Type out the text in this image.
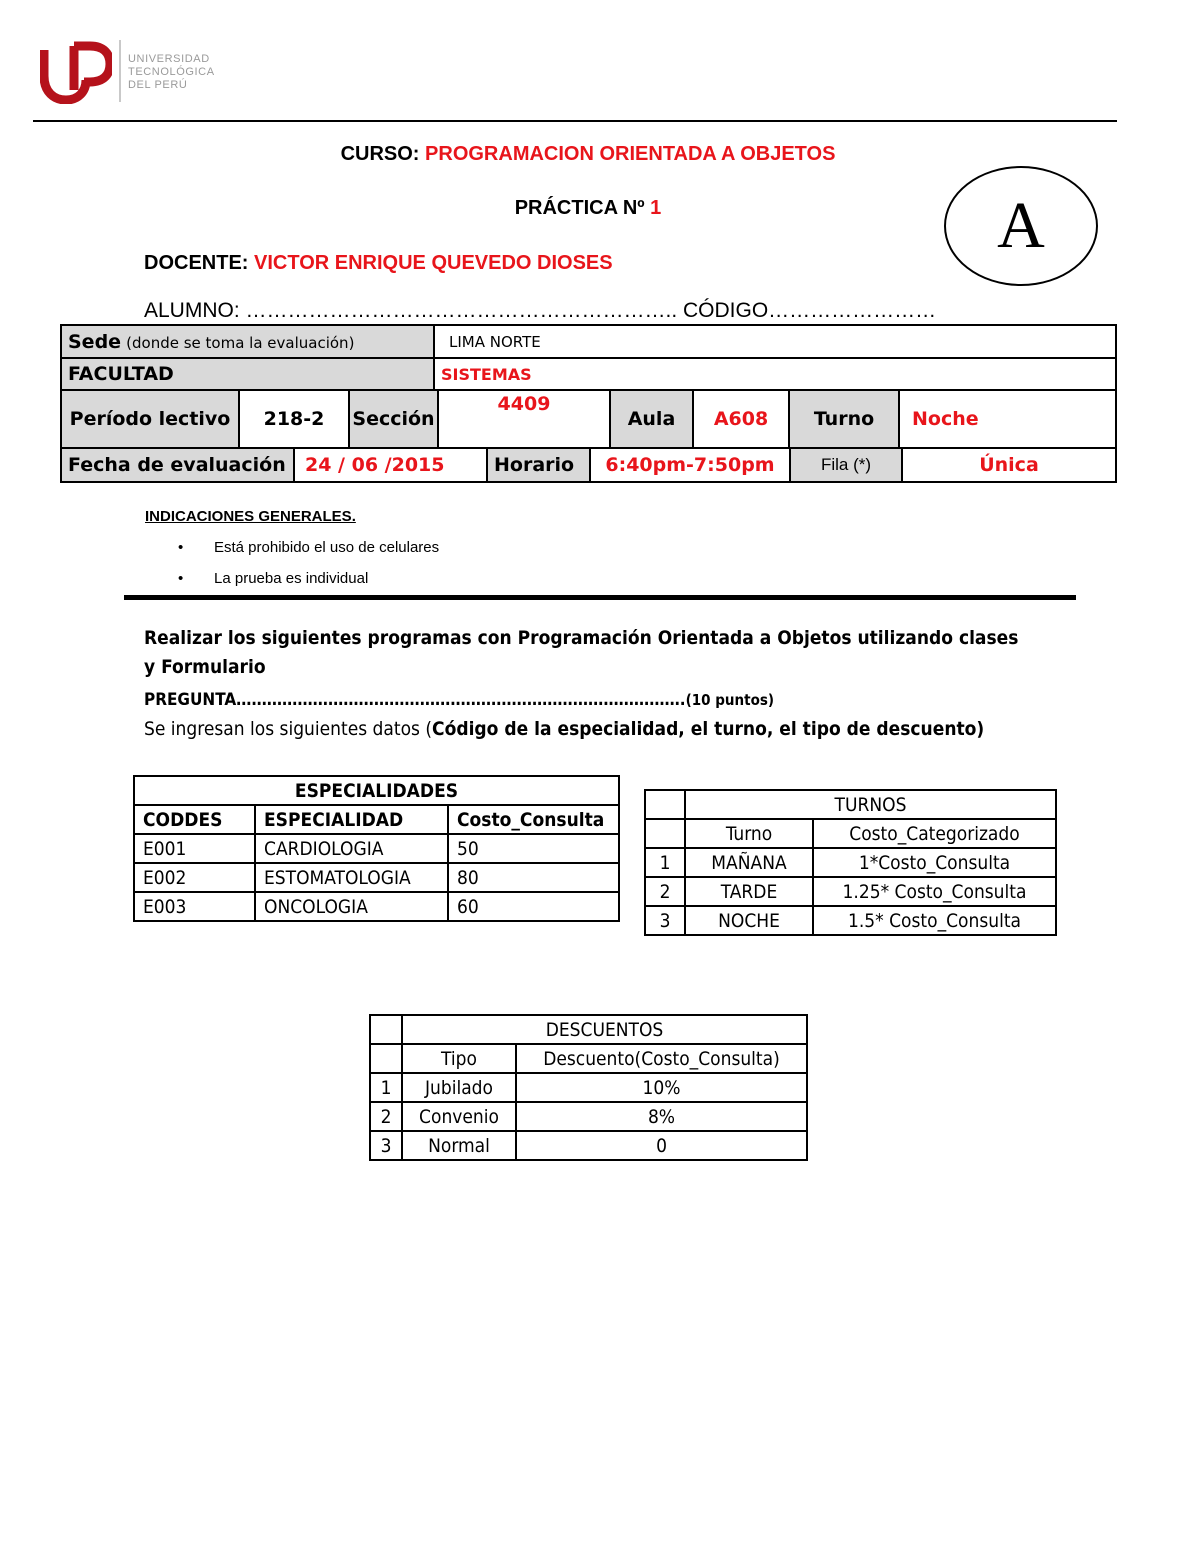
UNIVERSIDAD
TECNOLÓGICA
DEL PERÚ
CURSO: PROGRAMACION ORIENTADA A OBJETOS
PRÁCTICA Nº 1
DOCENTE: VICTOR ENRIQUE QUEVEDO DIOSES
A
ALUMNO: …………………………………………………….. CÓDIGO……………………
Sede (donde se toma la evaluación)	LIMA NORTE
FACULTAD	SISTEMAS
Período lectivo	218-2	Sección	4409	Aula	A608	Turno	Noche
Fecha de evaluación	24 / 06 /2015	Horario	6:40pm-7:50pm	Fila (*)	Única
INDICACIONES GENERALES.
• Está prohibido el uso de celulares
• La prueba es individual
Realizar los siguientes programas con Programación Orientada a Objetos utilizando clases
y Formulario
PREGUNTA…………………………………………………………………………….(10 puntos)
Se ingresan los siguientes datos (Código de la especialidad, el turno, el tipo de descuento)
ESPECIALIDADES		
CODDES	ESPECIALIDAD	Costo_Consulta
E001	CARDIOLOGIA	50
E002	ESTOMATOLOGIA	80
E003	ONCOLOGIA	60
	TURNOS	
	Turno	Costo_Categorizado
1	MAÑANA	1*Costo_Consulta
2	TARDE	1.25* Costo_Consulta
3	NOCHE	1.5* Costo_Consulta
	DESCUENTOS	
	Tipo	Descuento(Costo_Consulta)
1	Jubilado	10%
2	Convenio	8%
3	Normal	0
